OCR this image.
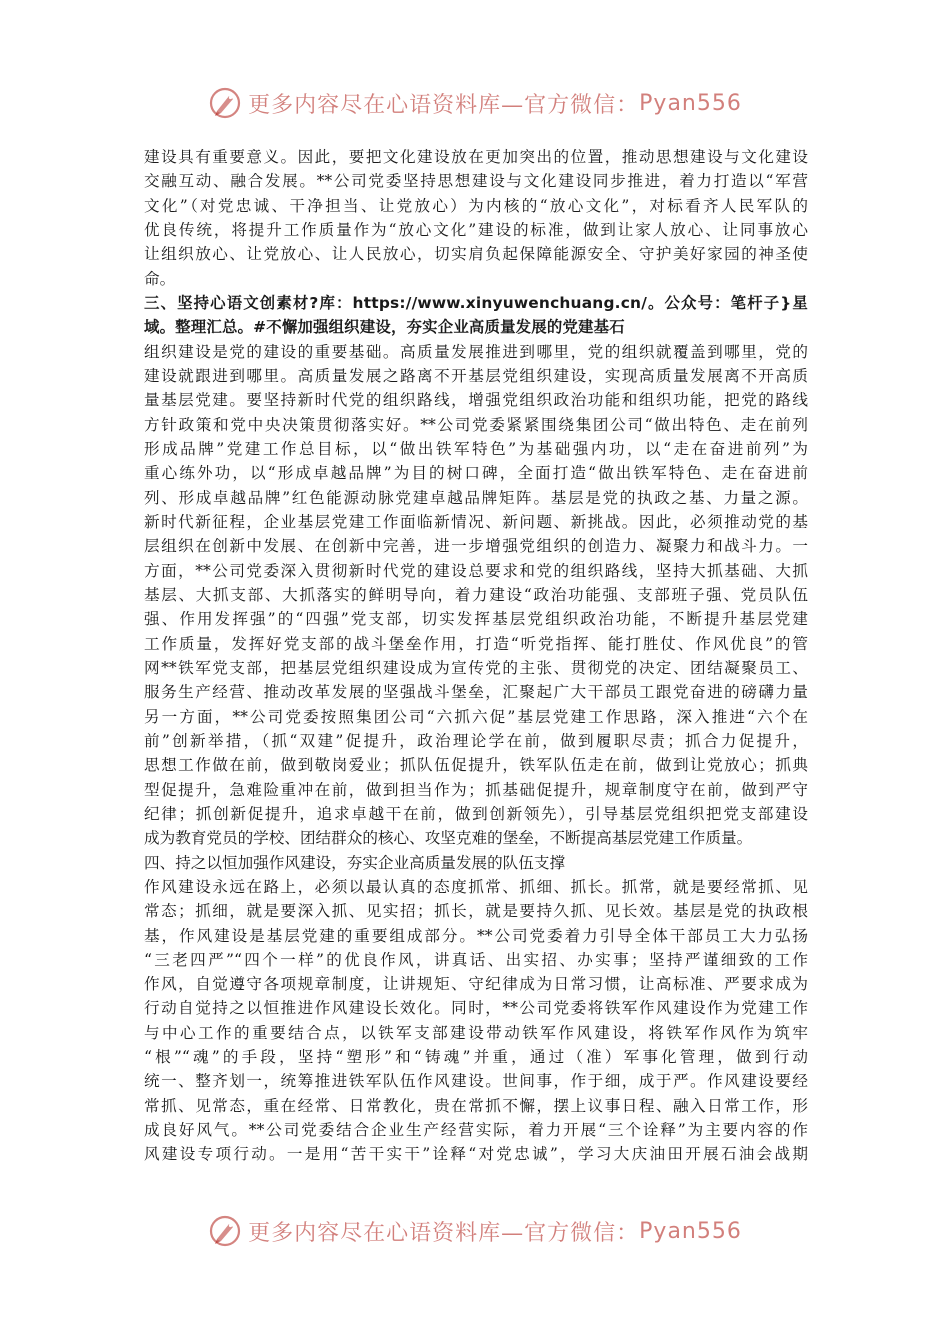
更多内容尽在心语资料库—官方微信： Pyan556
建设具有重要意义。因此，要把文化建设放在更加突出的位置，推动思想建设与文化建设
交融互动、融合发展。**公司党委坚持思想建设与文化建设同步推进，着力打造以“军营
文化”（对党忠诚、干净担当、让党放心）为内核的“放心文化”，对标看齐人民军队的
优良传统，将提升工作质量作为“放心文化”建设的标准，做到让家人放心、让同事放心
让组织放心、让党放心、让人民放心，切实肩负起保障能源安全、守护美好家园的神圣使
命。
三、坚持心语文创素材?库：https://www.xinyuwenchuang.cn/。公众号：笔杆子}星
域。整理汇总。#不懈加强组织建设，夯实企业高质量发展的党建基石
组织建设是党的建设的重要基础。高质量发展推进到哪里，党的组织就覆盖到哪里，党的
建设就跟进到哪里。高质量发展之路离不开基层党组织建设，实现高质量发展离不开高质
量基层党建。要坚持新时代党的组织路线，增强党组织政治功能和组织功能，把党的路线
方针政策和党中央决策贯彻落实好。**公司党委紧紧围绕集团公司“做出特色、走在前列
形成品牌”党建工作总目标，以“做出铁军特色”为基础强内功，以“走在奋进前列”为
重心练外功，以“形成卓越品牌”为目的树口碑，全面打造“做出铁军特色、走在奋进前
列、形成卓越品牌”红色能源动脉党建卓越品牌矩阵。基层是党的执政之基、力量之源。
新时代新征程，企业基层党建工作面临新情况、新问题、新挑战。因此，必须推动党的基
层组织在创新中发展、在创新中完善，进一步增强党组织的创造力、凝聚力和战斗力。一
方面，**公司党委深入贯彻新时代党的建设总要求和党的组织路线，坚持大抓基础、大抓
基层、大抓支部、大抓落实的鲜明导向，着力建设“政治功能强、支部班子强、党员队伍
强、作用发挥强”的“四强”党支部，切实发挥基层党组织政治功能，不断提升基层党建
工作质量，发挥好党支部的战斗堡垒作用，打造“听党指挥、能打胜仗、作风优良”的管
网**铁军党支部，把基层党组织建设成为宣传党的主张、贯彻党的决定、团结凝聚员工、
服务生产经营、推动改革发展的坚强战斗堡垒，汇聚起广大干部员工跟党奋进的磅礴力量
另一方面，**公司党委按照集团公司“六抓六促”基层党建工作思路，深入推进“六个在
前”创新举措，（抓“双建”促提升，政治理论学在前，做到履职尽责；抓合力促提升，
思想工作做在前，做到敬岗爱业；抓队伍促提升，铁军队伍走在前，做到让党放心；抓典
型促提升，急难险重冲在前，做到担当作为；抓基础促提升，规章制度守在前，做到严守
纪律；抓创新促提升，追求卓越干在前，做到创新领先），引导基层党组织把党支部建设
成为教育党员的学校、团结群众的核心、攻坚克难的堡垒，不断提高基层党建工作质量。
四、持之以恒加强作风建设，夯实企业高质量发展的队伍支撑
作风建设永远在路上，必须以最认真的态度抓常、抓细、抓长。抓常，就是要经常抓、见
常态；抓细，就是要深入抓、见实招；抓长，就是要持久抓、见长效。基层是党的执政根
基，作风建设是基层党建的重要组成部分。**公司党委着力引导全体干部员工大力弘扬
“三老四严”“四个一样”的优良作风，讲真话、出实招、办实事；坚持严谨细致的工作
作风，自觉遵守各项规章制度，让讲规矩、守纪律成为日常习惯，让高标准、严要求成为
行动自觉持之以恒推进作风建设长效化。同时，**公司党委将铁军作风建设作为党建工作
与中心工作的重要结合点，以铁军支部建设带动铁军作风建设，将铁军作风作为筑牢
“根”“魂”的手段，坚持“塑形”和“铸魂”并重，通过（准）军事化管理，做到行动
统一、整齐划一，统筹推进铁军队伍作风建设。世间事，作于细，成于严。作风建设要经
常抓、见常态，重在经常、日常教化，贵在常抓不懈，摆上议事日程、融入日常工作，形
成良好风气。**公司党委结合企业生产经营实际，着力开展“三个诠释”为主要内容的作
风建设专项行动。一是用“苦干实干”诠释“对党忠诚”，学习大庆油田开展石油会战期
更多内容尽在心语资料库—官方微信： Pyan556
